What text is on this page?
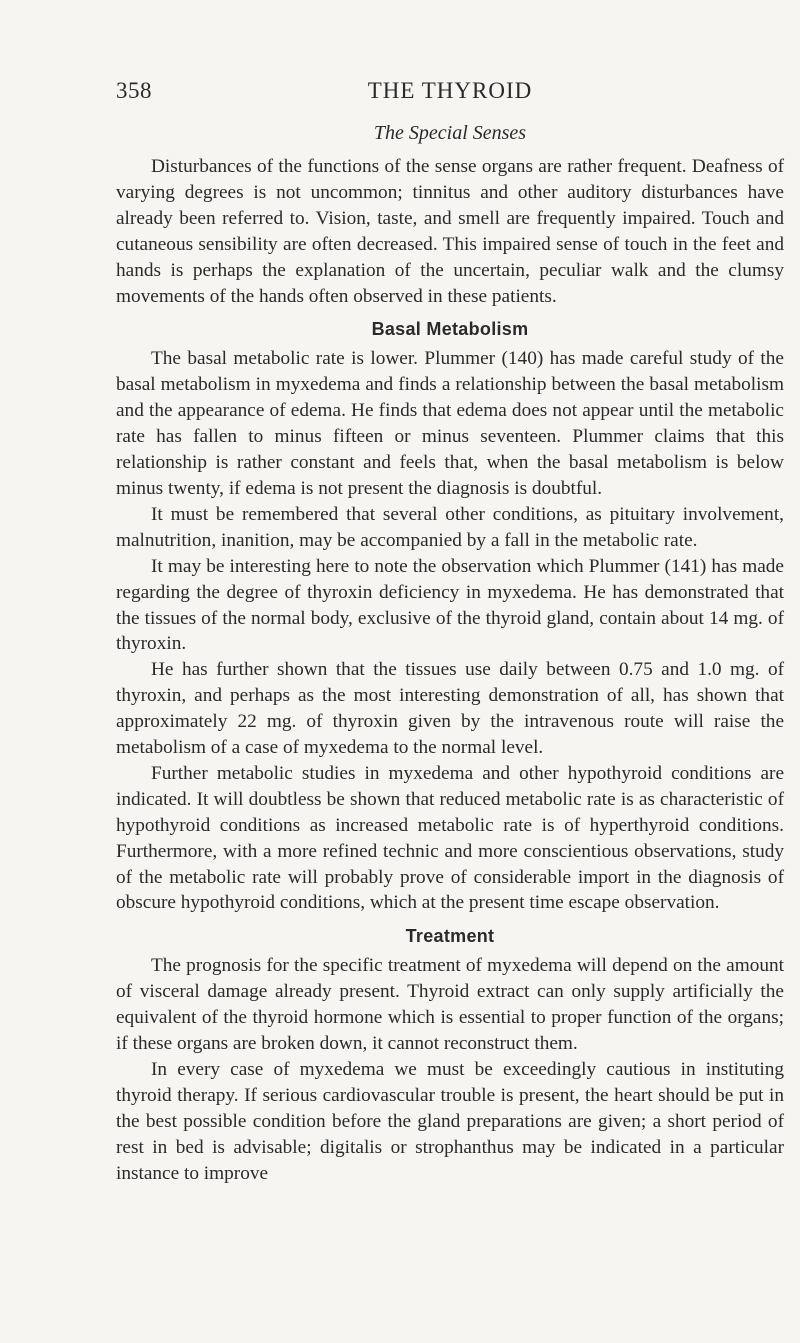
358	THE THYROID
The Special Senses

Disturbances of the functions of the sense organs are rather frequent. Deafness of varying degrees is not uncommon; tinnitus and other auditory disturbances have already been referred to. Vision, taste, and smell are frequently impaired. Touch and cutaneous sensibility are often decreased. This impaired sense of touch in the feet and hands is perhaps the explanation of the uncertain, peculiar walk and the clumsy movements of the hands often observed in these patients.

Basal Metabolism

The basal metabolic rate is lower. Plummer (140) has made careful study of the basal metabolism in myxedema and finds a relationship between the basal metabolism and the appearance of edema. He finds that edema does not appear until the metabolic rate has fallen to minus fifteen or minus seventeen. Plummer claims that this relationship is rather constant and feels that, when the basal metabolism is below minus twenty, if edema is not present the diagnosis is doubtful.

It must be remembered that several other conditions, as pituitary involvement, malnutrition, inanition, may be accompanied by a fall in the metabolic rate.

It may be interesting here to note the observation which Plummer (141) has made regarding the degree of thyroxin deficiency in myxedema. He has demonstrated that the tissues of the normal body, exclusive of the thyroid gland, contain about 14 mg. of thyroxin.

He has further shown that the tissues use daily between 0.75 and 1.0 mg. of thyroxin, and perhaps as the most interesting demonstration of all, has shown that approximately 22 mg. of thyroxin given by the intravenous route will raise the metabolism of a case of myxedema to the normal level.

Further metabolic studies in myxedema and other hypothyroid conditions are indicated. It will doubtless be shown that reduced metabolic rate is as characteristic of hypothyroid conditions as increased metabolic rate is of hyperthyroid conditions. Furthermore, with a more refined technic and more conscientious observations, study of the metabolic rate will probably prove of considerable import in the diagnosis of obscure hypothyroid conditions, which at the present time escape observation.

Treatment

The prognosis for the specific treatment of myxedema will depend on the amount of visceral damage already present. Thyroid extract can only supply artificially the equivalent of the thyroid hormone which is essential to proper function of the organs; if these organs are broken down, it cannot reconstruct them.

In every case of myxedema we must be exceedingly cautious in instituting thyroid therapy. If serious cardiovascular trouble is present, the heart should be put in the best possible condition before the gland preparations are given; a short period of rest in bed is advisable; digitalis or strophanthus may be indicated in a particular instance to improve
